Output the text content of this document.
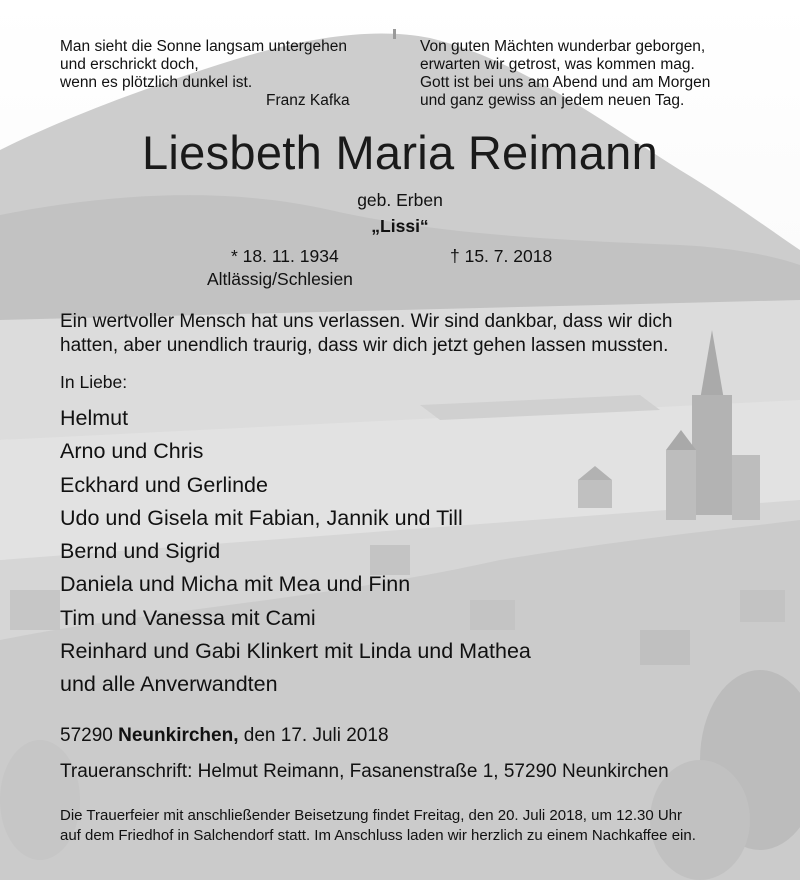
Man sieht die Sonne langsam untergehen
und erschrickt doch,
wenn es plötzlich dunkel ist.
Franz Kafka
Von guten Mächten wunderbar geborgen,
erwarten wir getrost, was kommen mag.
Gott ist bei uns am Abend und am Morgen
und ganz gewiss an jedem neuen Tag.
Liesbeth Maria Reimann
geb. Erben
„Lissi“
* 18. 11. 1934	† 15. 7. 2018
Altlässig/Schlesien
Ein wertvoller Mensch hat uns verlassen. Wir sind dankbar, dass wir dich
hatten, aber unendlich traurig, dass wir dich jetzt gehen lassen mussten.
In Liebe:
Helmut
Arno und Chris
Eckhard und Gerlinde
Udo und Gisela mit Fabian, Jannik und Till
Bernd und Sigrid
Daniela und Micha mit Mea und Finn
Tim und Vanessa mit Cami
Reinhard und Gabi Klinkert mit Linda und Mathea
und alle Anverwandten
57290 Neunkirchen, den 17. Juli 2018
Traueranschrift: Helmut Reimann, Fasanenstraße 1, 57290 Neunkirchen
Die Trauerfeier mit anschließender Beisetzung findet Freitag, den 20. Juli 2018, um 12.30 Uhr
auf dem Friedhof in Salchendorf statt. Im Anschluss laden wir herzlich zu einem Nachkaffee ein.
